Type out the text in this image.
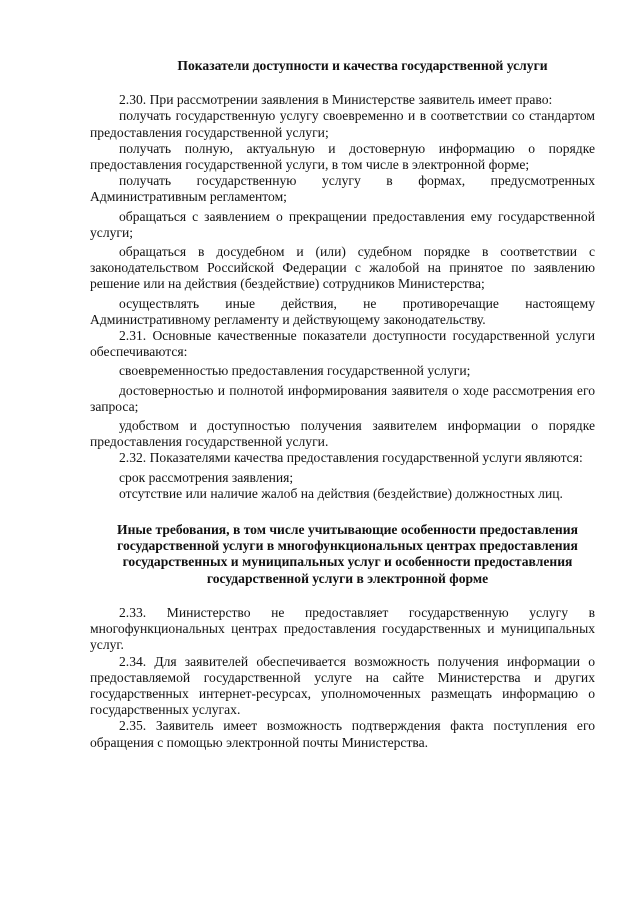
Показатели доступности и качества государственной услуги

2.30. При рассмотрении заявления в Министерстве заявитель имеет право:

получать государственную услугу своевременно и в соответствии со стандартом предоставления государственной услуги;

получать полную, актуальную и достоверную информацию о порядке предоставления государственной услуги, в том числе в электронной форме;

получать государственную услугу в формах, предусмотренных Административным регламентом;

обращаться с заявлением о прекращении предоставления ему государственной услуги;

обращаться в досудебном и (или) судебном порядке в соответствии с законодательством Российской Федерации с жалобой на принятое по заявлению решение или на действия (бездействие) сотрудников Министерства;

осуществлять иные действия, не противоречащие настоящему Административному регламенту и действующему законодательству.

2.31. Основные качественные показатели доступности государственной услуги обеспечиваются:

своевременностью предоставления государственной услуги;

достоверностью и полнотой информирования заявителя о ходе рассмотрения его запроса;

удобством и доступностью получения заявителем информации о порядке предоставления государственной услуги.

2.32. Показателями качества предоставления государственной услуги являются:

срок рассмотрения заявления;

отсутствие или наличие жалоб на действия (бездействие) должностных лиц.

Иные требования, в том числе учитывающие особенности предоставления государственной услуги в многофункциональных центрах предоставления государственных и муниципальных услуг и особенности предоставления государственной услуги в электронной форме

2.33. Министерство не предоставляет государственную услугу в многофункциональных центрах предоставления государственных и муниципальных услуг.

2.34. Для заявителей обеспечивается возможность получения информации о предоставляемой государственной услуге на сайте Министерства и других государственных интернет-ресурсах, уполномоченных размещать информацию о государственных услугах.

2.35. Заявитель имеет возможность подтверждения факта поступления его обращения с помощью электронной почты Министерства.
